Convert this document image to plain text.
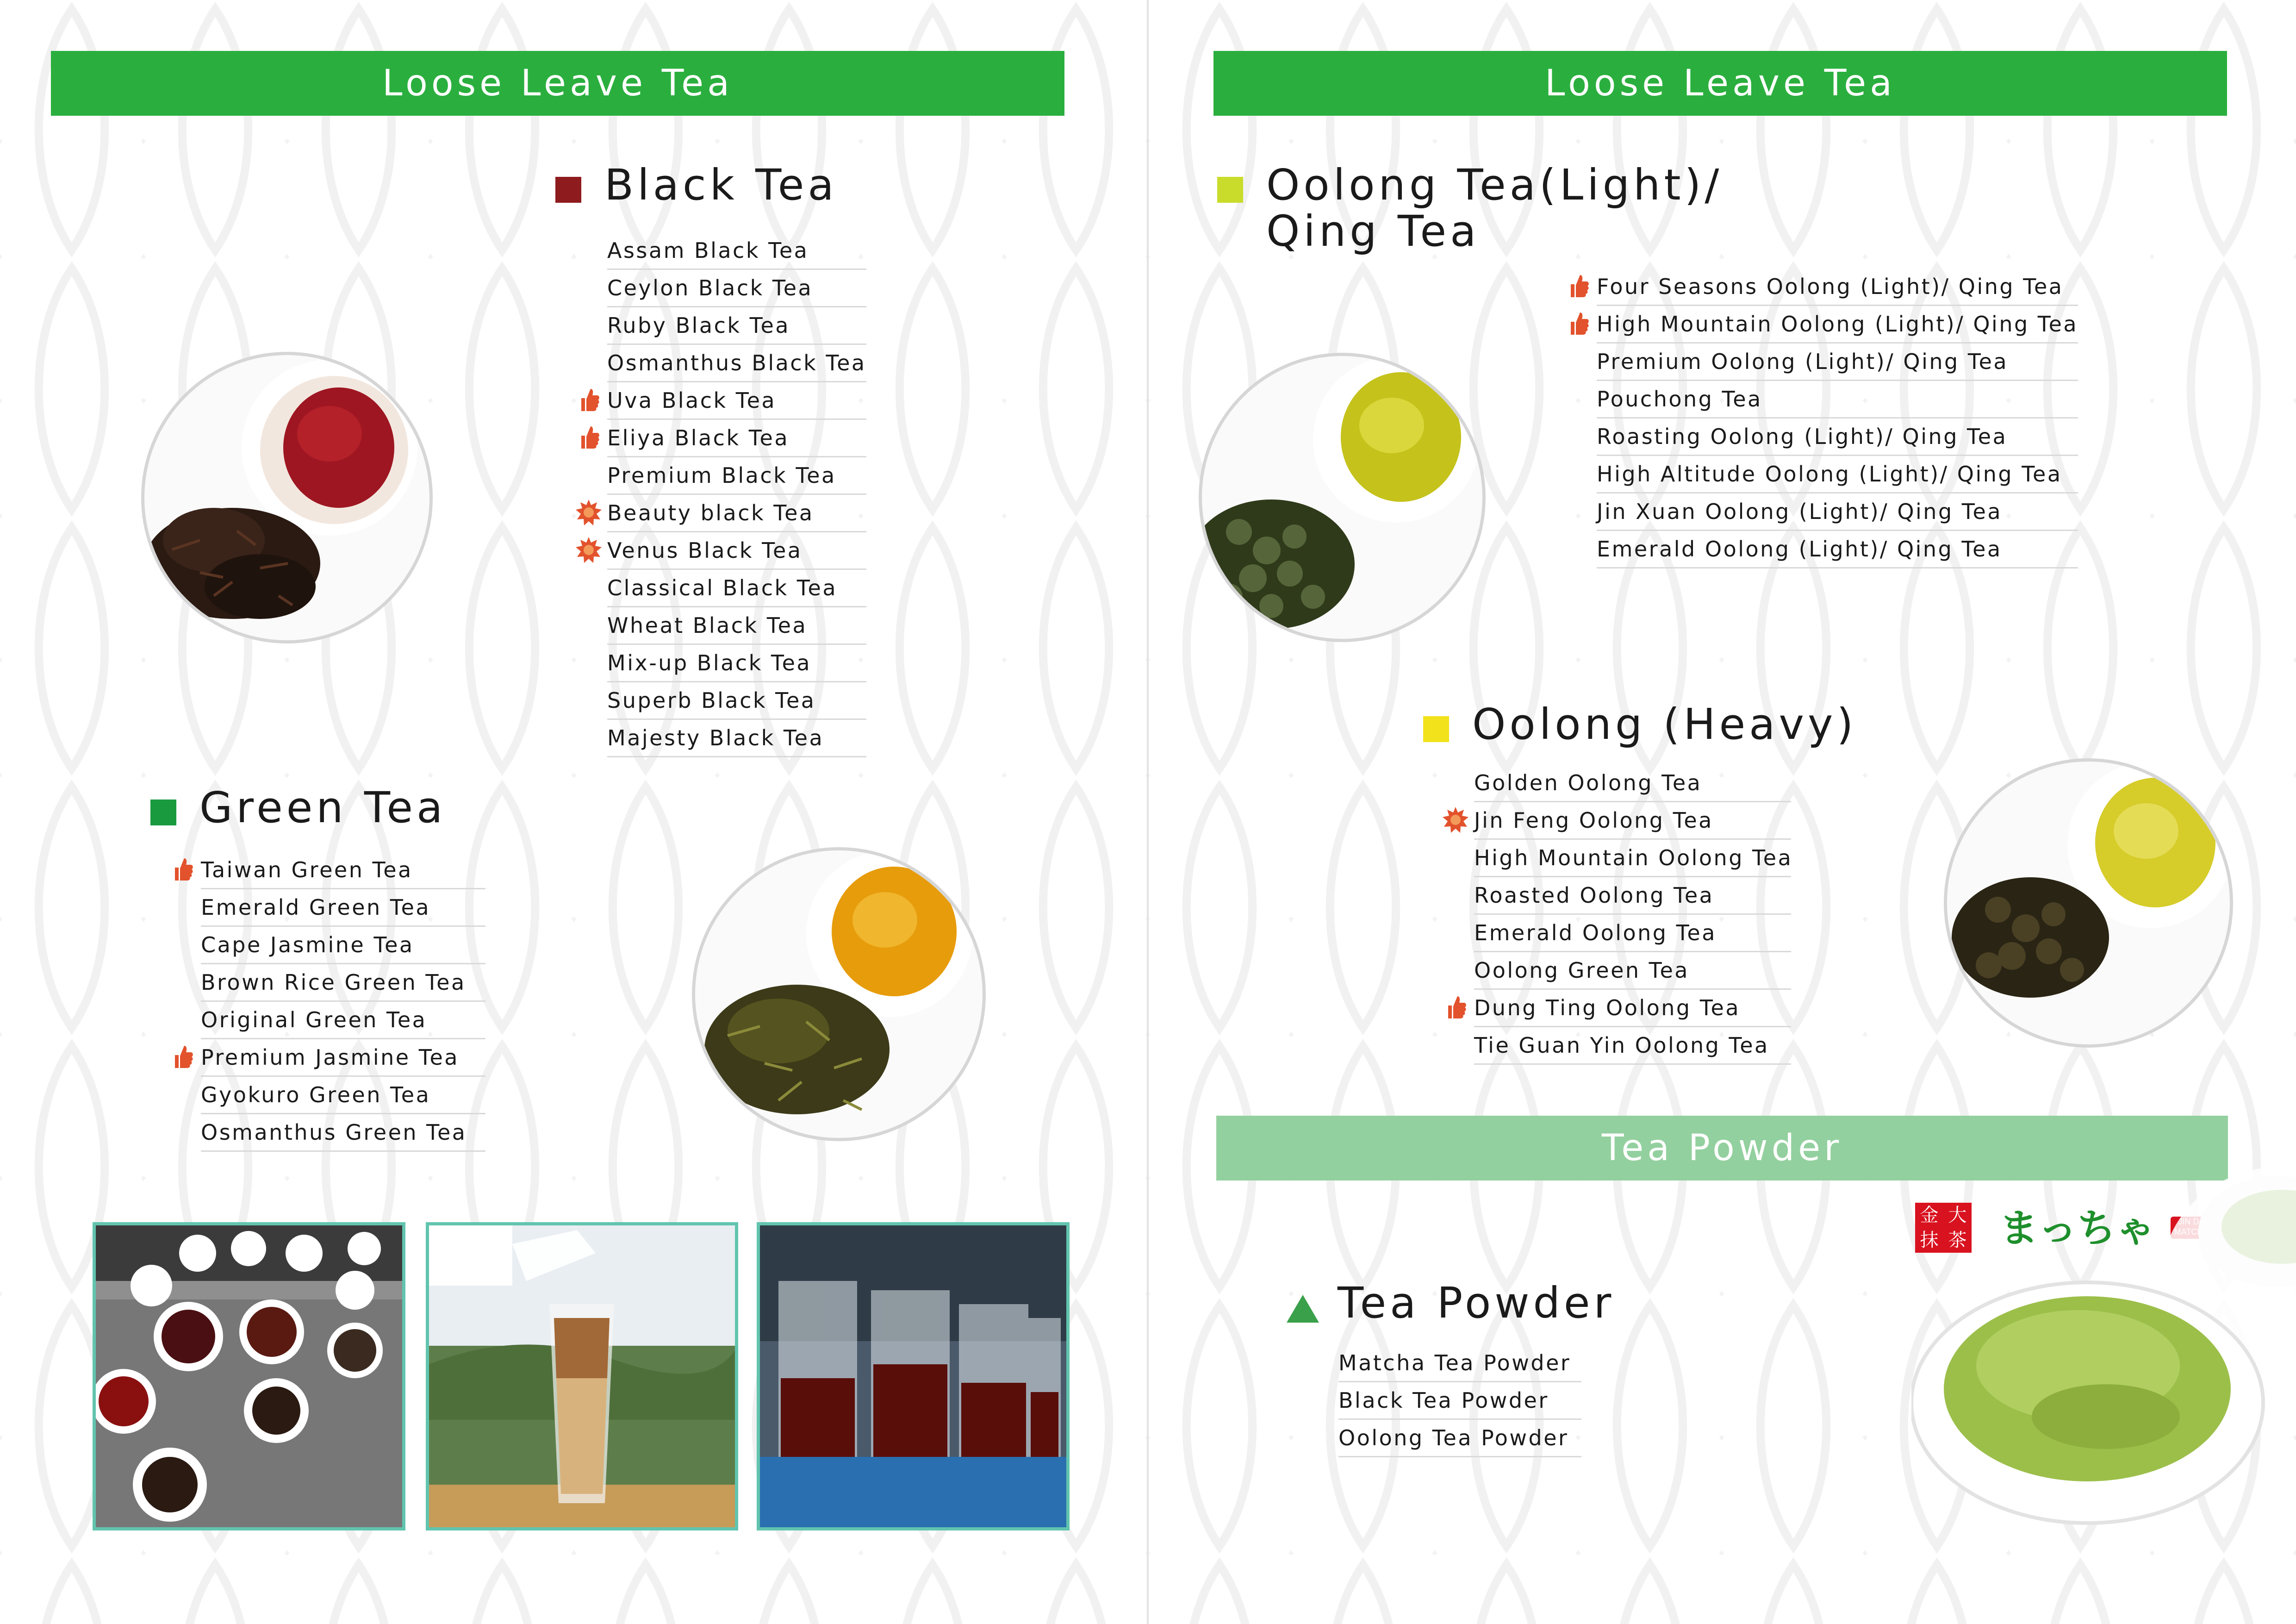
Loose Leave Tea
Black Tea
Assam Black Tea
Ceylon Black Tea
Ruby Black Tea
Osmanthus Black Tea
Uva Black Tea
Eliya Black Tea
Premium Black Tea
Beauty black Tea
Venus Black Tea
Classical Black Tea
Wheat Black Tea
Mix-up Black Tea
Superb Black Tea
Majesty Black Tea
Green Tea
Taiwan Green Tea
Emerald Green Tea
Cape Jasmine Tea
Brown Rice Green Tea
Original Green Tea
Premium Jasmine Tea
Gyokuro Green Tea
Osmanthus Green Tea
Loose Leave Tea
Oolong Tea(Light)/
Qing Tea
Four Seasons Oolong (Light)/ Qing Tea
High Mountain Oolong (Light)/ Qing Tea
Premium Oolong (Light)/ Qing Tea
Pouchong Tea
Roasting Oolong (Light)/ Qing Tea
High Altitude Oolong (Light)/ Qing Tea
Jin Xuan Oolong (Light)/ Qing Tea
Emerald Oolong (Light)/ Qing Tea
Oolong (Heavy)
Golden Oolong Tea
Jin Feng Oolong Tea
High Mountain Oolong Tea
Roasted Oolong Tea
Emerald Oolong Tea
Oolong Green Tea
Dung Ting Oolong Tea
Tie Guan Yin Oolong Tea
Tea Powder
金 大
抹 茶 まっちゃ
Tea Powder
Matcha Tea Powder
Black Tea Powder
Oolong Tea Powder
